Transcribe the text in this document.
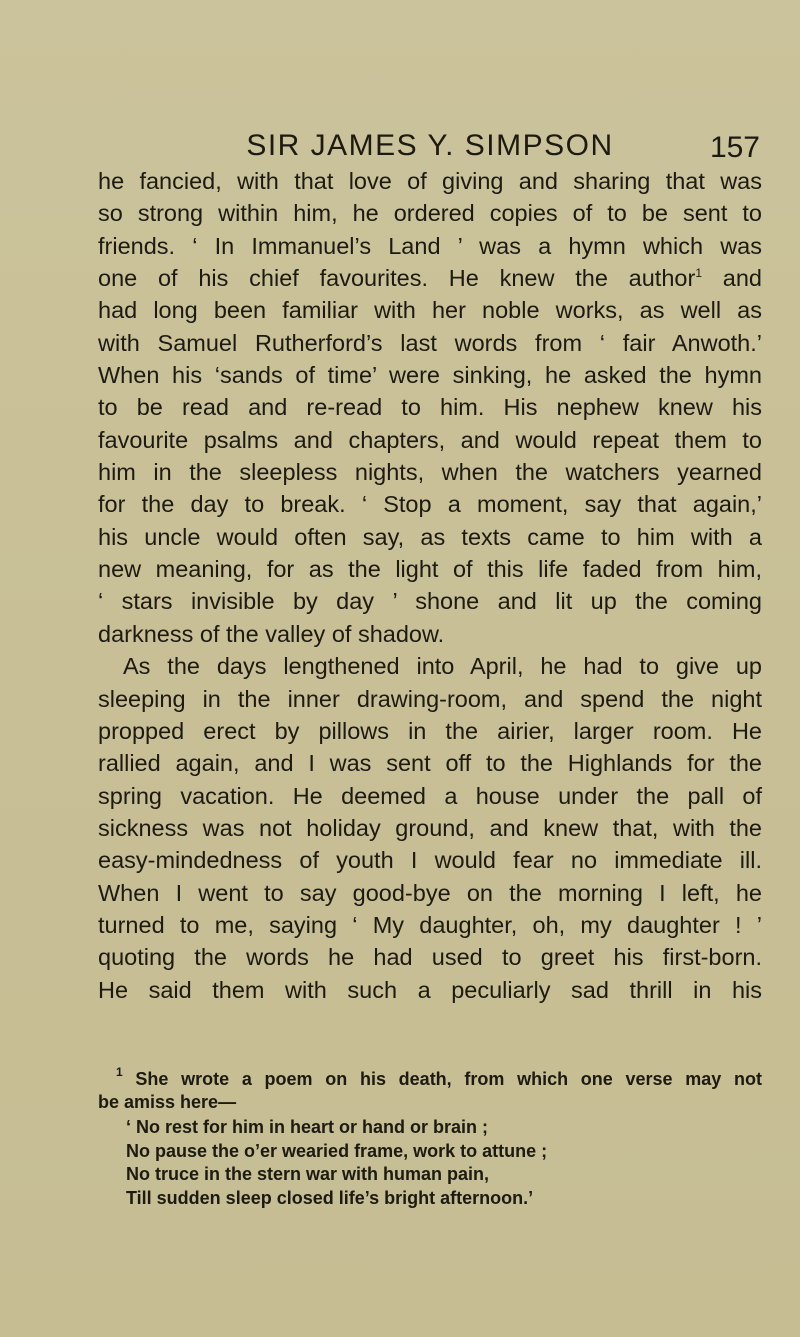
SIR JAMES Y. SIMPSON	157

he fancied, with that love of giving and sharing that was
so strong within him, he ordered copies of to be sent to
friends. ‘ In Immanuel’s Land ’ was a hymn which was
one of his chief favourites. He knew the author$^1$ and
had long been familiar with her noble works, as well as
with Samuel Rutherford’s last words from ‘ fair Anwoth.’
When his ‘sands of time’ were sinking, he asked the hymn
to be read and re-read to him. His nephew knew his
favourite psalms and chapters, and would repeat them to
him in the sleepless nights, when the watchers yearned
for the day to break. ‘ Stop a moment, say that again,’
his uncle would often say, as texts came to him with a
new meaning, for as the light of this life faded from him,
‘ stars invisible by day ’ shone and lit up the coming
darkness of the valley of shadow.

As the days lengthened into April, he had to give up
sleeping in the inner drawing-room, and spend the night
propped erect by pillows in the airier, larger room. He
rallied again, and I was sent off to the Highlands for the
spring vacation. He deemed a house under the pall of
sickness was not holiday ground, and knew that, with the
easy-mindedness of youth I would fear no immediate ill.
When I went to say good-bye on the morning I left, he
turned to me, saying ‘ My daughter, oh, my daughter ! ’
quoting the words he had used to greet his first-born.
He said them with such a peculiarly sad thrill in his

$^1$ She wrote a poem on his death, from which one verse may not
be amiss here—
‘ No rest for him in heart or hand or brain ;
No pause the o’er wearied frame, work to attune ;
No truce in the stern war with human pain,
Till sudden sleep closed life’s bright afternoon.’
